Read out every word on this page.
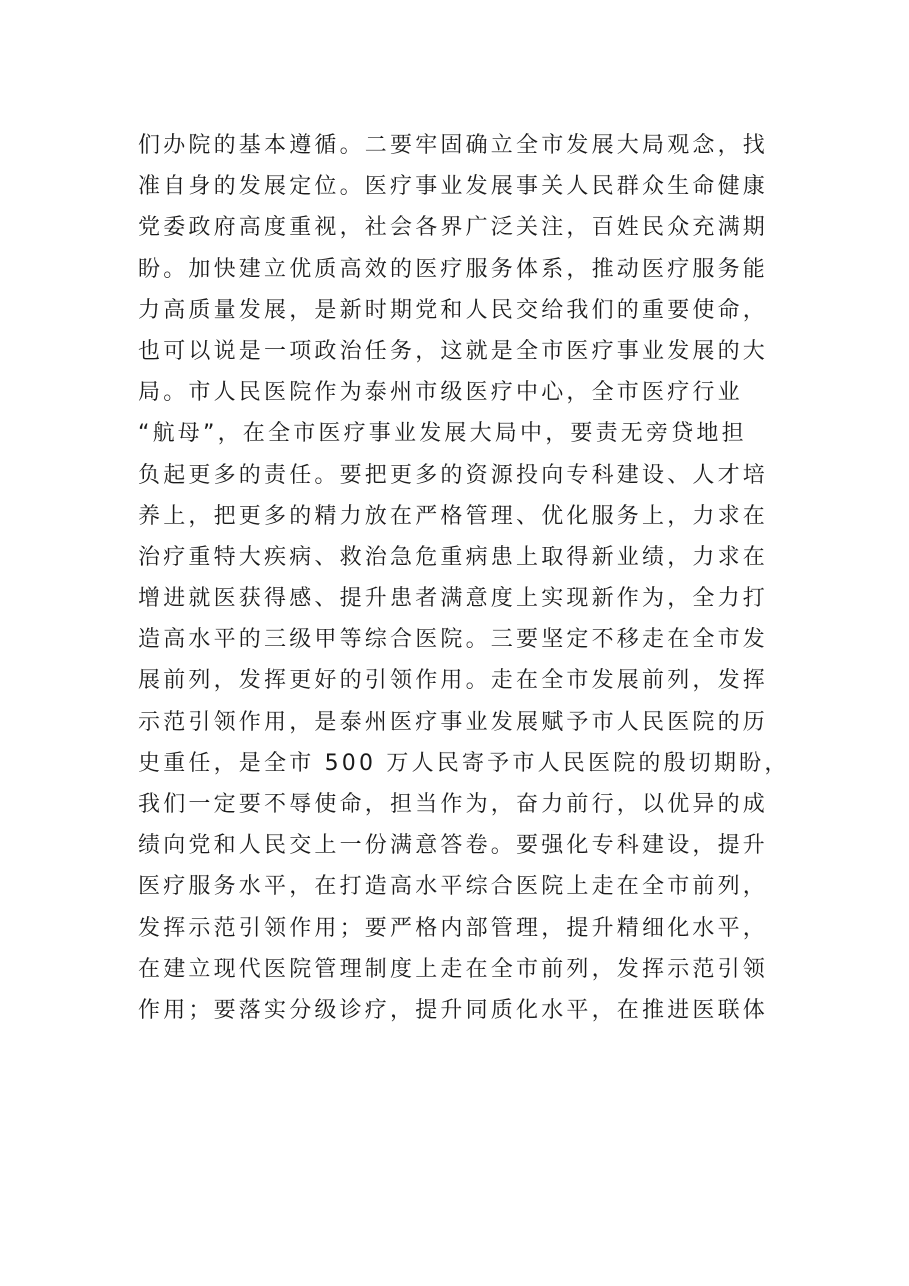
们办院的基本遵循。二要牢固确立全市发展大局观念，找
准自身的发展定位。医疗事业发展事关人民群众生命健康
党委政府高度重视，社会各界广泛关注，百姓民众充满期
盼。加快建立优质高效的医疗服务体系，推动医疗服务能
力高质量发展，是新时期党和人民交给我们的重要使命，
也可以说是一项政治任务，这就是全市医疗事业发展的大
局。市人民医院作为泰州市级医疗中心，全市医疗行业
“航母”，在全市医疗事业发展大局中，要责无旁贷地担
负起更多的责任。要把更多的资源投向专科建设、人才培
养上，把更多的精力放在严格管理、优化服务上，力求在
治疗重特大疾病、救治急危重病患上取得新业绩，力求在
增进就医获得感、提升患者满意度上实现新作为，全力打
造高水平的三级甲等综合医院。三要坚定不移走在全市发
展前列，发挥更好的引领作用。走在全市发展前列，发挥
示范引领作用，是泰州医疗事业发展赋予市人民医院的历
史重任，是全市 500 万人民寄予市人民医院的殷切期盼，
我们一定要不辱使命，担当作为，奋力前行，以优异的成
绩向党和人民交上一份满意答卷。要强化专科建设，提升
医疗服务水平，在打造高水平综合医院上走在全市前列，
发挥示范引领作用；要严格内部管理，提升精细化水平，
在建立现代医院管理制度上走在全市前列，发挥示范引领
作用；要落实分级诊疗，提升同质化水平，在推进医联体
